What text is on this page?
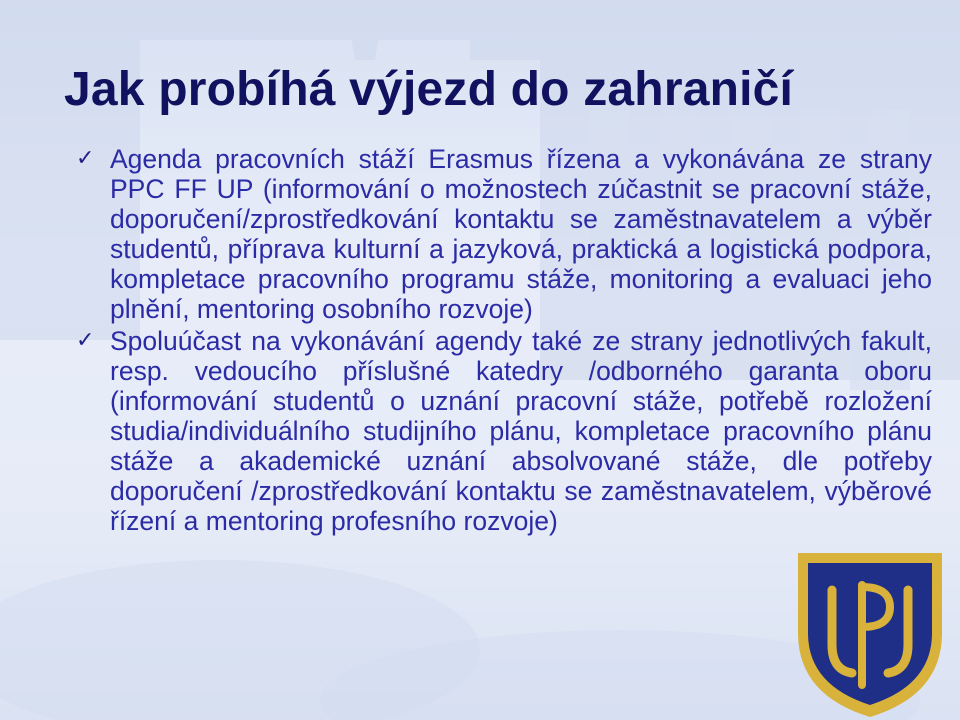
Jak probíhá výjezd do zahraničí
✓ Agenda pracovních stáží Erasmus řízena a vykonávána ze strany PPC FF UP (informování o možnostech zúčastnit se pracovní stáže, doporučení/zprostředkování kontaktu se zaměstnavatelem a výběr studentů, příprava kulturní a jazyková, praktická a logistická podpora, kompletace pracovního programu stáže, monitoring a evaluaci jeho plnění, mentoring osobního rozvoje)
✓ Spoluúčast na vykonávání agendy také ze strany jednotlivých fakult, resp. vedoucího příslušné katedry /odborného garanta oboru (informování studentů o uznání pracovní stáže, potřebě rozložení studia/individuálního studijního plánu, kompletace pracovního plánu stáže a akademické uznání absolvované stáže, dle potřeby doporučení /zprostředkování kontaktu se zaměstnavatelem, výběrové řízení a mentoring profesního rozvoje)
